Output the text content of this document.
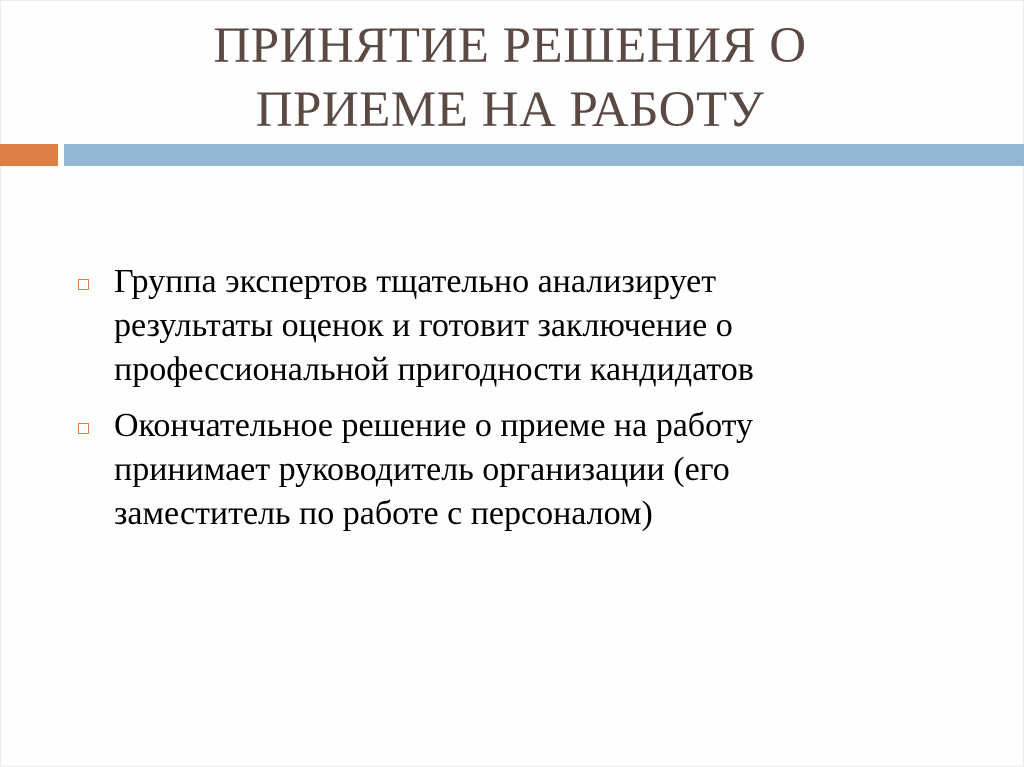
ПРИНЯТИЕ РЕШЕНИЯ О
ПРИЕМЕ НА РАБОТУ
Группа экспертов тщательно анализирует
результаты оценок и готовит заключение о
профессиональной пригодности кандидатов
Окончательное решение о приеме на работу
принимает руководитель организации (его
заместитель по работе с персоналом)
